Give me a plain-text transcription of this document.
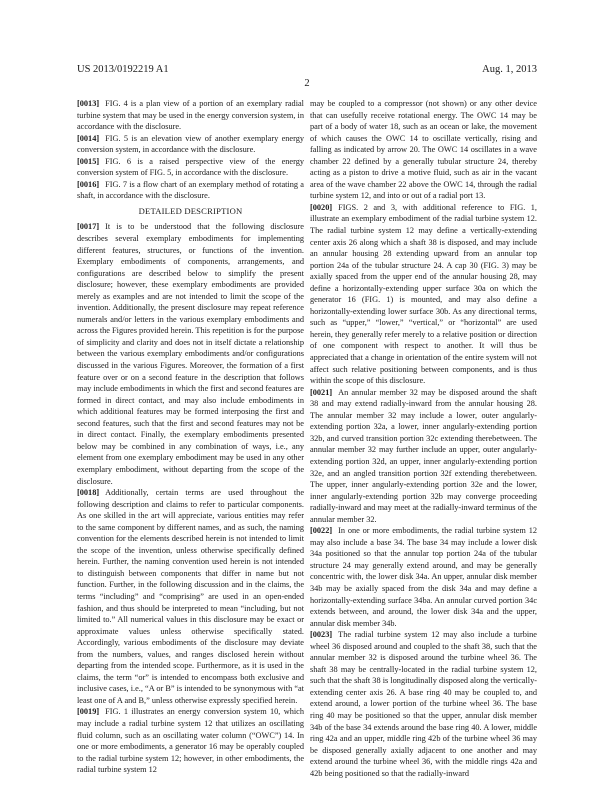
US 2013/0192219 A1	Aug. 1, 2013
2

[0013] FIG. 4 is a plan view of a portion of an exemplary radial turbine system that may be used in the energy conversion system, in accordance with the disclosure.

[0014] FIG. 5 is an elevation view of another exemplary energy conversion system, in accordance with the disclosure.

[0015] FIG. 6 is a raised perspective view of the energy conversion system of FIG. 5, in accordance with the disclosure.

[0016] FIG. 7 is a flow chart of an exemplary method of rotating a shaft, in accordance with the disclosure.

DETAILED DESCRIPTION

[0017] It is to be understood that the following disclosure describes several exemplary embodiments for implementing different features, structures, or functions of the invention. Exemplary embodiments of components, arrangements, and configurations are described below to simplify the present disclosure; however, these exemplary embodiments are provided merely as examples and are not intended to limit the scope of the invention. Additionally, the present disclosure may repeat reference numerals and/or letters in the various exemplary embodiments and across the Figures provided herein. This repetition is for the purpose of simplicity and clarity and does not in itself dictate a relationship between the various exemplary embodiments and/or configurations discussed in the various Figures. Moreover, the formation of a first feature over or on a second feature in the description that follows may include embodiments in which the first and second features are formed in direct contact, and may also include embodiments in which additional features may be formed interposing the first and second features, such that the first and second features may not be in direct contact. Finally, the exemplary embodiments presented below may be combined in any combination of ways, i.e., any element from one exemplary embodiment may be used in any other exemplary embodiment, without departing from the scope of the disclosure.

[0018] Additionally, certain terms are used throughout the following description and claims to refer to particular components. As one skilled in the art will appreciate, various entities may refer to the same component by different names, and as such, the naming convention for the elements described herein is not intended to limit the scope of the invention, unless otherwise specifically defined herein. Further, the naming convention used herein is not intended to distinguish between components that differ in name but not function. Further, in the following discussion and in the claims, the terms “including” and “comprising” are used in an open-ended fashion, and thus should be interpreted to mean “including, but not limited to.” All numerical values in this disclosure may be exact or approximate values unless otherwise specifically stated. Accordingly, various embodiments of the disclosure may deviate from the numbers, values, and ranges disclosed herein without departing from the intended scope. Furthermore, as it is used in the claims, the term “or” is intended to encompass both exclusive and inclusive cases, i.e., “A or B” is intended to be synonymous with “at least one of A and B,” unless otherwise expressly specified herein.

[0019] FIG. 1 illustrates an energy conversion system 10, which may include a radial turbine system 12 that utilizes an oscillating fluid column, such as an oscillating water column (“OWC”) 14. In one or more embodiments, a generator 16 may be operably coupled to the radial turbine system 12; however, in other embodiments, the radial turbine system 12

may be coupled to a compressor (not shown) or any other device that can usefully receive rotational energy. The OWC 14 may be part of a body of water 18, such as an ocean or lake, the movement of which causes the OWC 14 to oscillate vertically, rising and falling as indicated by arrow 20. The OWC 14 oscillates in a wave chamber 22 defined by a generally tubular structure 24, thereby acting as a piston to drive a motive fluid, such as air in the vacant area of the wave chamber 22 above the OWC 14, through the radial turbine system 12, and into or out of a radial port 13.

[0020] FIGS. 2 and 3, with additional reference to FIG. 1, illustrate an exemplary embodiment of the radial turbine system 12. The radial turbine system 12 may define a vertically-extending center axis 26 along which a shaft 38 is disposed, and may include an annular housing 28 extending upward from an annular top portion 24a of the tubular structure 24. A cap 30 (FIG. 3) may be axially spaced from the upper end of the annular housing 28, may define a horizontally-extending upper surface 30a on which the generator 16 (FIG. 1) is mounted, and may also define a horizontally-extending lower surface 30b. As any directional terms, such as “upper,” “lower,” “vertical,” or “horizontal” are used herein, they generally refer merely to a relative position or direction of one component with respect to another. It will thus be appreciated that a change in orientation of the entire system will not affect such relative positioning between components, and is thus within the scope of this disclosure.

[0021] An annular member 32 may be disposed around the shaft 38 and may extend radially-inward from the annular housing 28. The annular member 32 may include a lower, outer angularly-extending portion 32a, a lower, inner angularly-extending portion 32b, and curved transition portion 32c extending therebetween. The annular member 32 may further include an upper, outer angularly-extending portion 32d, an upper, inner angularly-extending portion 32e, and an angled transition portion 32f extending therebetween. The upper, inner angularly-extending portion 32e and the lower, inner angularly-extending portion 32b may converge proceeding radially-inward and may meet at the radially-inward terminus of the annular member 32.

[0022] In one or more embodiments, the radial turbine system 12 may also include a base 34. The base 34 may include a lower disk 34a positioned so that the annular top portion 24a of the tubular structure 24 may generally extend around, and may be generally concentric with, the lower disk 34a. An upper, annular disk member 34b may be axially spaced from the disk 34a and may define a horizontally-extending surface 34ba. An annular curved portion 34c extends between, and around, the lower disk 34a and the upper, annular disk member 34b.

[0023] The radial turbine system 12 may also include a turbine wheel 36 disposed around and coupled to the shaft 38, such that the annular member 32 is disposed around the turbine wheel 36. The shaft 38 may be centrally-located in the radial turbine system 12, such that the shaft 38 is longitudinally disposed along the vertically-extending center axis 26. A base ring 40 may be coupled to, and extend around, a lower portion of the turbine wheel 36. The base ring 40 may be positioned so that the upper, annular disk member 34b of the base 34 extends around the base ring 40. A lower, middle ring 42a and an upper, middle ring 42b of the turbine wheel 36 may be disposed generally axially adjacent to one another and may extend around the turbine wheel 36, with the middle rings 42a and 42b being positioned so that the radially-inward
